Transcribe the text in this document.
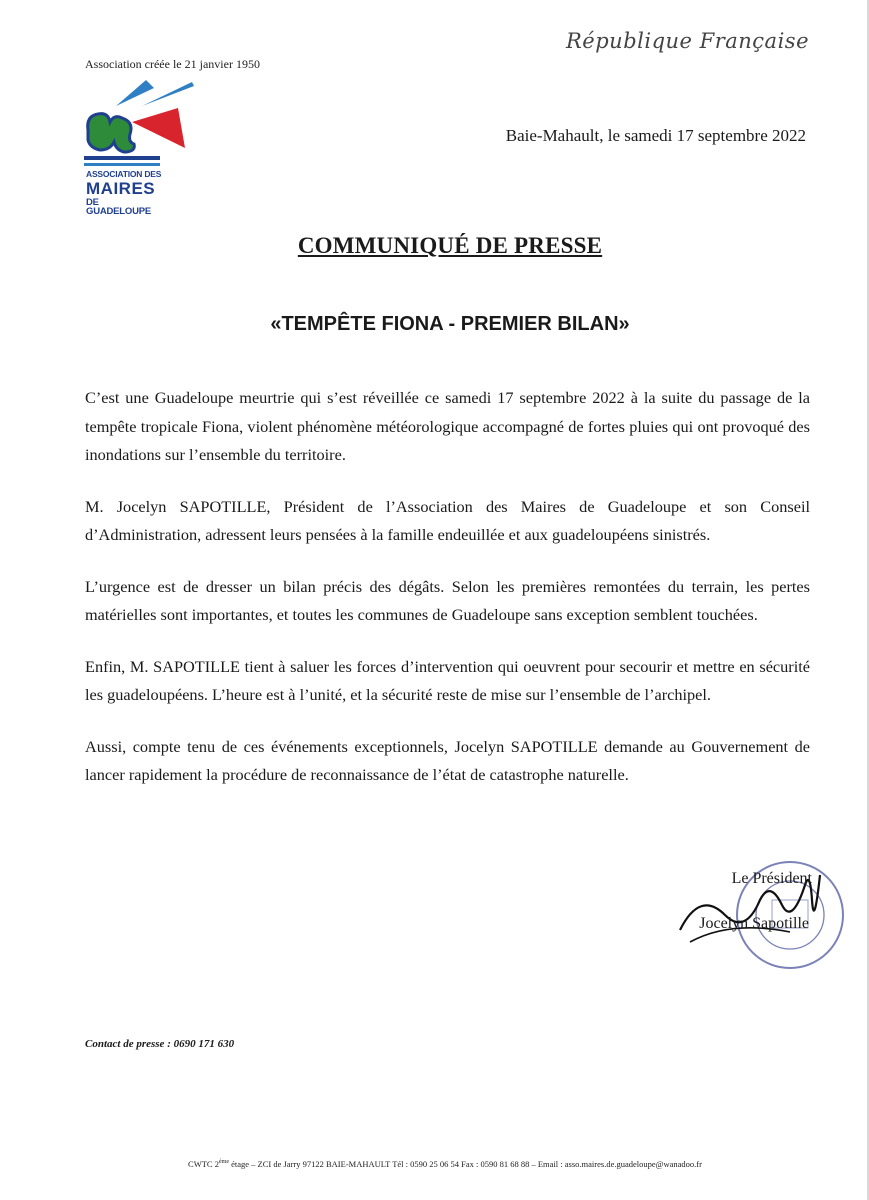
République Française
Association créée le 21 janvier 1950
ASSOCIATION DES
MAIRES
DE GUADELOUPE
Baie-Mahault, le samedi 17 septembre 2022
COMMUNIQUÉ DE PRESSE
«TEMPÊTE FIONA - PREMIER BILAN»

C’est une Guadeloupe meurtrie qui s’est réveillée ce samedi 17 septembre 2022 à la suite du passage de la tempête tropicale Fiona, violent phénomène météorologique accompagné de fortes pluies qui ont provoqué des inondations sur l’ensemble du territoire.

M. Jocelyn SAPOTILLE, Président de l’Association des Maires de Guadeloupe et son Conseil d’Administration, adressent leurs pensées à la famille endeuillée et aux guadeloupéens sinistrés.

L’urgence est de dresser un bilan précis des dégâts. Selon les premières remontées du terrain, les pertes matérielles sont importantes, et toutes les communes de Guadeloupe sans exception semblent touchées.

Enfin, M. SAPOTILLE tient à saluer les forces d’intervention qui oeuvrent pour secourir et mettre en sécurité les guadeloupéens. L’heure est à l’unité, et la sécurité reste de mise sur l’ensemble de l’archipel.

Aussi, compte tenu de ces événements exceptionnels, Jocelyn SAPOTILLE demande au Gouvernement de lancer rapidement la procédure de reconnaissance de l’état de catastrophe naturelle.

Le Président
Jocelyn Sapotille
Contact de presse : 0690 171 630
CWTC 2ème étage – ZCI de Jarry 97122 BAIE-MAHAULT Tél : 0590 25 06 54 Fax : 0590 81 68 88 – Email : asso.maires.de.guadeloupe@wanadoo.fr
